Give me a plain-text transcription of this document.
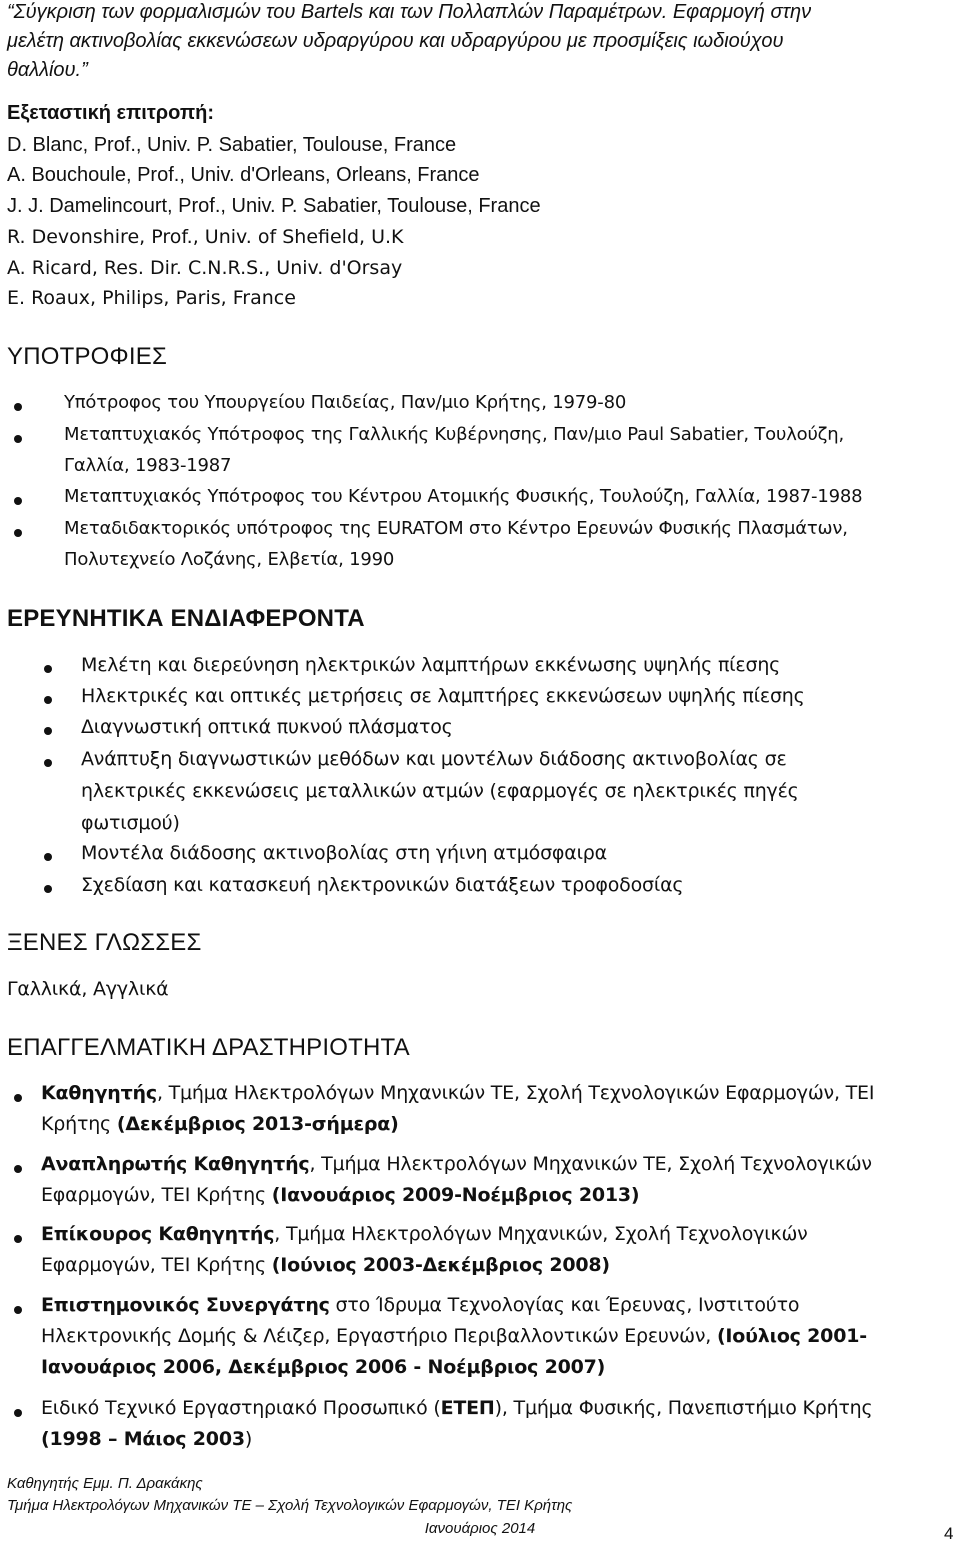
“Σύγκριση των φορμαλισμών του Bartels και των Πολλαπλών Παραμέτρων. Εφαρμογή στην
μελέτη ακτινοβολίας εκκενώσεων υδραργύρου και υδραργύρου με προσμίξεις ιωδιούχου
θαλλίου.”
Εξεταστική επιτροπή:
D. Blanc, Prof., Univ. P. Sabatier, Toulouse, France
A. Bouchoule, Prof., Univ. d'Orleans, Orleans, France
J. J. Damelincourt, Prof., Univ. P. Sabatier, Toulouse, France
R. Devonshire, Prof., Univ. of Shefield, U.K
A. Ricard, Res. Dir. C.N.R.S., Univ. d'Orsay
E. Roaux, Philips, Paris, France
ΥΠΟΤΡΟΦΙΕΣ
Υπότροφος του Υπουργείου Παιδείας, Παν/μιο Κρήτης, 1979-80
Μεταπτυχιακός Υπότροφος της Γαλλικής Κυβέρνησης, Παν/μιο Paul Sabatier, Τουλούζη,
Γαλλία, 1983-1987
Μεταπτυχιακός Υπότροφος του Κέντρου Ατομικής Φυσικής, Τουλούζη, Γαλλία, 1987-1988
Μεταδιδακτορικός υπότροφος της EURATOM στο Κέντρο Ερευνών Φυσικής Πλασμάτων,
Πολυτεχνείο Λοζάνης, Ελβετία, 1990
ΕΡΕΥΝΗΤΙΚΑ ΕΝΔΙΑΦΕΡΟΝΤΑ
Μελέτη και διερεύνηση ηλεκτρικών λαμπτήρων εκκένωσης υψηλής πίεσης
Ηλεκτρικές και οπτικές μετρήσεις σε λαμπτήρες εκκενώσεων υψηλής πίεσης
Διαγνωστική οπτικά πυκνού πλάσματος
Ανάπτυξη διαγνωστικών μεθόδων και μοντέλων διάδοσης ακτινοβολίας σε
ηλεκτρικές εκκενώσεις μεταλλικών ατμών (εφαρμογές σε ηλεκτρικές πηγές
φωτισμού)
Μοντέλα διάδοσης ακτινοβολίας στη γήινη ατμόσφαιρα
Σχεδίαση και κατασκευή ηλεκτρονικών διατάξεων τροφοδοσίας
ΞΕΝΕΣ ΓΛΩΣΣΕΣ
Γαλλικά, Αγγλικά
ΕΠΑΓΓΕΛΜΑΤΙΚΗ ΔΡΑΣΤΗΡΙΟΤΗΤΑ
Καθηγητής, Τμήμα Ηλεκτρολόγων Μηχανικών ΤΕ, Σχολή Τεχνολογικών Εφαρμογών, ΤΕΙ
Κρήτης (Δεκέμβριος 2013-σήμερα)
Αναπληρωτής Καθηγητής, Τμήμα Ηλεκτρολόγων Μηχανικών ΤΕ, Σχολή Τεχνολογικών
Εφαρμογών, ΤΕΙ Κρήτης (Ιανουάριος 2009-Νοέμβριος 2013)
Επίκουρος Καθηγητής, Τμήμα Ηλεκτρολόγων Μηχανικών, Σχολή Τεχνολογικών
Εφαρμογών, ΤΕΙ Κρήτης (Ιούνιος 2003-Δεκέμβριος 2008)
Επιστημονικός Συνεργάτης στο Ίδρυμα Τεχνολογίας και Έρευνας, Ινστιτούτο
Ηλεκτρονικής Δομής & Λέιζερ, Εργαστήριο Περιβαλλοντικών Ερευνών, (Ιούλιος 2001-
Ιανουάριος 2006, Δεκέμβριος 2006 - Νοέμβριος 2007)
Ειδικό Τεχνικό Εργαστηριακό Προσωπικό (ΕΤΕΠ), Τμήμα Φυσικής, Πανεπιστήμιο Κρήτης
(1998 – Μάιος 2003)
Καθηγητής Εμμ. Π. Δρακάκης
Τμήμα Ηλεκτρολόγων Μηχανικών ΤΕ – Σχολή Τεχνολογικών Εφαρμογών, ΤΕΙ Κρήτης
Ιανουάριος 2014	4
